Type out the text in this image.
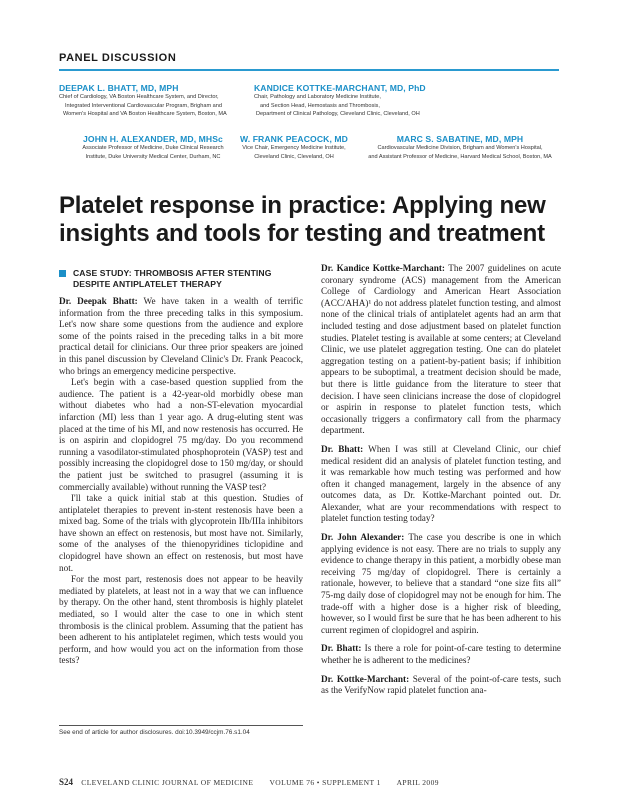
PANEL DISCUSSION
DEEPAK L. BHATT, MD, MPH
Chief of Cardiology, VA Boston Healthcare System, and Director,
Integrated Interventional Cardiovascular Program, Brigham and
Women's Hospital and VA Boston Healthcare System, Boston, MA
KANDICE KOTTKE-MARCHANT, MD, PhD
Chair, Pathology and Laboratory Medicine Institute,
and Section Head, Hemostasis and Thrombosis,
Department of Clinical Pathology, Cleveland Clinic, Cleveland, OH
JOHN H. ALEXANDER, MD, MHSc
Associate Professor of Medicine, Duke Clinical Research
Institute, Duke University Medical Center, Durham, NC
W. FRANK PEACOCK, MD
Vice Chair, Emergency Medicine Institute,
Cleveland Clinic, Cleveland, OH
MARC S. SABATINE, MD, MPH
Cardiovascular Medicine Division, Brigham and Women's Hospital,
and Assistant Professor of Medicine, Harvard Medical School, Boston, MA
Platelet response in practice: Applying new
insights and tools for testing and treatment
CASE STUDY: THROMBOSIS AFTER STENTING
DESPITE ANTIPLATELET THERAPY

Dr. Deepak Bhatt: We have taken in a wealth of terrific information from the three preceding talks in this symposium. Let's now share some questions from the audience and explore some of the points raised in the preceding talks in a bit more practical detail for clinicians. Our three prior speakers are joined in this panel discussion by Cleveland Clinic's Dr. Frank Peacock, who brings an emergency medicine perspective.

Let's begin with a case-based question supplied from the audience. The patient is a 42-year-old morbidly obese man without diabetes who had a non-ST-elevation myocardial infarction (MI) less than 1 year ago. A drug-eluting stent was placed at the time of his MI, and now restenosis has occurred. He is on aspirin and clopidogrel 75 mg/day. Do you recommend running a vasodilator-stimulated phosphoprotein (VASP) test and possibly increasing the clopidogrel dose to 150 mg/day, or should the patient just be switched to prasugrel (assuming it is commercially available) without running the VASP test?

I'll take a quick initial stab at this question. Studies of antiplatelet therapies to prevent in-stent restenosis have been a mixed bag. Some of the trials with glycoprotein IIb/IIIa inhibitors have shown an effect on restenosis, but most have not. Similarly, some of the analyses of the thienopyridines ticlopidine and clopidogrel have shown an effect on restenosis, but most have not.

For the most part, restenosis does not appear to be heavily mediated by platelets, at least not in a way that we can influence by therapy. On the other hand, stent thrombosis is highly platelet mediated, so I would alter the case to one in which stent thrombosis is the clinical problem. Assuming that the patient has been adherent to his antiplatelet regimen, which tests would you perform, and how would you act on the information from those tests?

Dr. Kandice Kottke-Marchant: The 2007 guidelines on acute coronary syndrome (ACS) management from the American College of Cardiology and American Heart Association (ACC/AHA)¹ do not address platelet function testing, and almost none of the clinical trials of antiplatelet agents had an arm that included testing and dose adjustment based on platelet function studies. Platelet testing is available at some centers; at Cleveland Clinic, we use platelet aggregation testing. One can do platelet aggregation testing on a patient-by-patient basis; if inhibition appears to be suboptimal, a treatment decision should be made, but there is little guidance from the literature to steer that decision. I have seen clinicians increase the dose of clopidogrel or aspirin in response to platelet function tests, which occasionally triggers a confirmatory call from the pharmacy department.

Dr. Bhatt: When I was still at Cleveland Clinic, our chief medical resident did an analysis of platelet function testing, and it was remarkable how much testing was performed and how often it changed management, largely in the absence of any outcomes data, as Dr. Kottke-Marchant pointed out. Dr. Alexander, what are your recommendations with respect to platelet function testing today?

Dr. John Alexander: The case you describe is one in which applying evidence is not easy. There are no trials to supply any evidence to change therapy in this patient, a morbidly obese man receiving 75 mg/day of clopidogrel. There is certainly a rationale, however, to believe that a standard “one size fits all” 75-mg daily dose of clopidogrel may not be enough for him. The trade-off with a higher dose is a higher risk of bleeding, however, so I would first be sure that he has been adherent to his current regimen of clopidogrel and aspirin.

Dr. Bhatt: Is there a role for point-of-care testing to determine whether he is adherent to the medicines?

Dr. Kottke-Marchant: Several of the point-of-care tests, such as the VerifyNow rapid platelet function ana-

See end of article for author disclosures. doi:10.3949/ccjm.76.s1.04
S24 CLEVELAND CLINIC JOURNAL OF MEDICINE VOLUME 76 • SUPPLEMENT 1 APRIL 2009
